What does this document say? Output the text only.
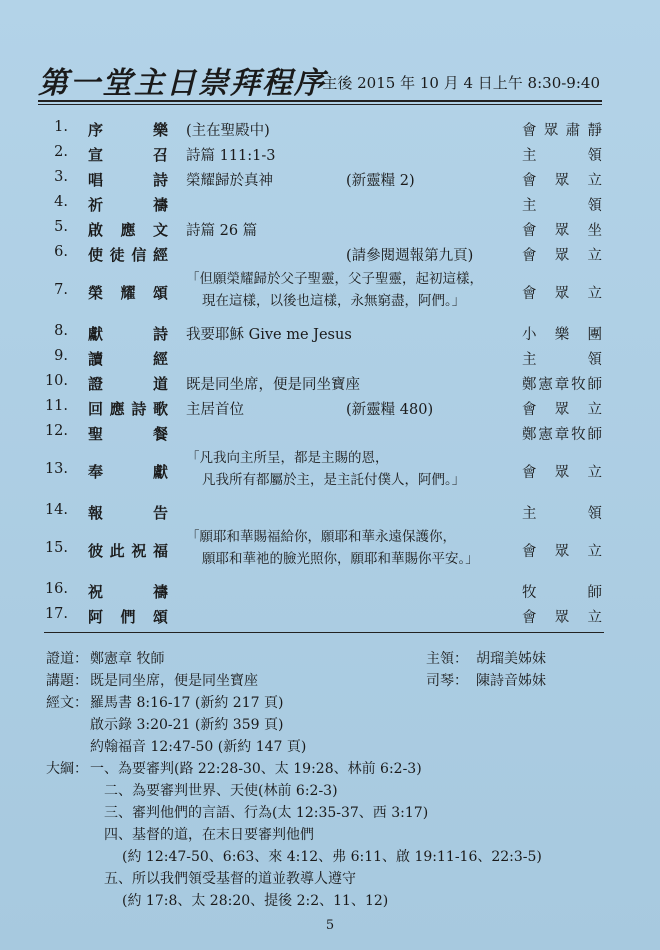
第一堂主日崇拜程序
主後 2015 年 10 月 4 日上午 8:30-9:40
1. 序　樂 (主在聖殿中)	會眾肅靜
2. 宣　召 詩篇 111:1-3	主　領
3. 唱　詩 榮耀歸於真神	(新靈糧 2)	會眾立
4. 祈　禱	主　領
5. 啟應文 詩篇 26 篇	會眾坐
6. 使徒信經	(請參閱週報第九頁)	會眾立
7. 榮耀頌
「但願榮耀歸於父子聖靈，父子聖靈，起初這樣，
現在這樣，以後也這樣，永無窮盡，阿們。」	會眾立
8. 獻　詩 我要耶穌 Give me Jesus	小樂團
9. 讀　經	主　領
10. 證　道 既是同坐席，便是同坐寶座	鄭憲章牧師
11. 回應詩歌 主居首位	(新靈糧 480)	會眾立
12. 聖　餐	鄭憲章牧師
13. 奉　獻
「凡我向主所呈，都是主賜的恩，
凡我所有都屬於主，是主託付僕人，阿們。」	會眾立
14. 報　告	主　領
15. 彼此祝福
「願耶和華賜福給你，願耶和華永遠保護你，
願耶和華祂的臉光照你，願耶和華賜你平安。」	會眾立
16. 祝　禱	牧　師
17. 阿們頌	會眾立
證道： 鄭憲章 牧師	主領： 胡瑠美姊妹
講題： 既是同坐席，便是同坐寶座	司琴： 陳詩音姊妹
經文： 羅馬書 8:16-17 (新約 217 頁)
啟示錄 3:20-21 (新約 359 頁)
約翰福音 12:47-50 (新約 147 頁)
大綱： 一、為要審判(路 22:28-30、太 19:28、林前 6:2-3)
二、為要審判世界、天使(林前 6:2-3)
三、審判他們的言語、行為(太 12:35-37、西 3:17)
四、基督的道，在末日要審判他們
(約 12:47-50、6:63、來 4:12、弗 6:11、啟 19:11-16、22:3-5)
五、所以我們領受基督的道並教導人遵守
(約 17:8、太 28:20、提後 2:2、11、12)
5
